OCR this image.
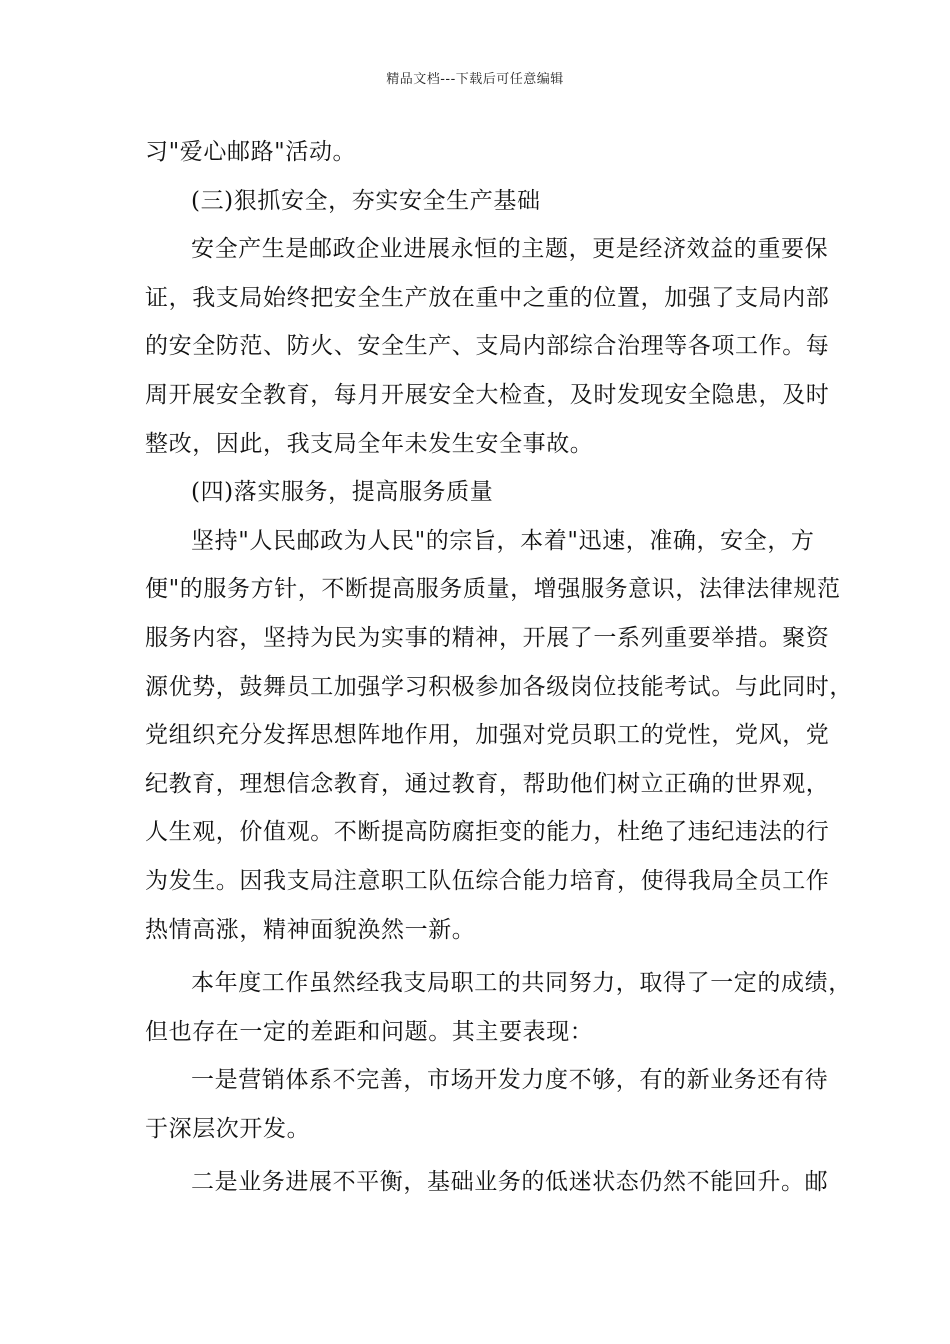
精品文档---下载后可任意编辑
习"爱心邮路"活动。
(三)狠抓安全，夯实安全生产基础
安全产生是邮政企业进展永恒的主题，更是经济效益的重要保
证，我支局始终把安全生产放在重中之重的位置，加强了支局内部
的安全防范、防火、安全生产、支局内部综合治理等各项工作。每
周开展安全教育，每月开展安全大检查，及时发现安全隐患，及时
整改，因此，我支局全年未发生安全事故。
(四)落实服务，提高服务质量
坚持"人民邮政为人民"的宗旨，本着"迅速，准确，安全，方
便"的服务方针，不断提高服务质量，增强服务意识，法律法律规范
服务内容，坚持为民为实事的精神，开展了一系列重要举措。聚资
源优势，鼓舞员工加强学习积极参加各级岗位技能考试。与此同时，
党组织充分发挥思想阵地作用，加强对党员职工的党性，党风，党
纪教育，理想信念教育，通过教育，帮助他们树立正确的世界观，
人生观，价值观。不断提高防腐拒变的能力，杜绝了违纪违法的行
为发生。因我支局注意职工队伍综合能力培育，使得我局全员工作
热情高涨，精神面貌涣然一新。
本年度工作虽然经我支局职工的共同努力，取得了一定的成绩，
但也存在一定的差距和问题。其主要表现：
一是营销体系不完善，市场开发力度不够，有的新业务还有待
于深层次开发。
二是业务进展不平衡，基础业务的低迷状态仍然不能回升。邮
